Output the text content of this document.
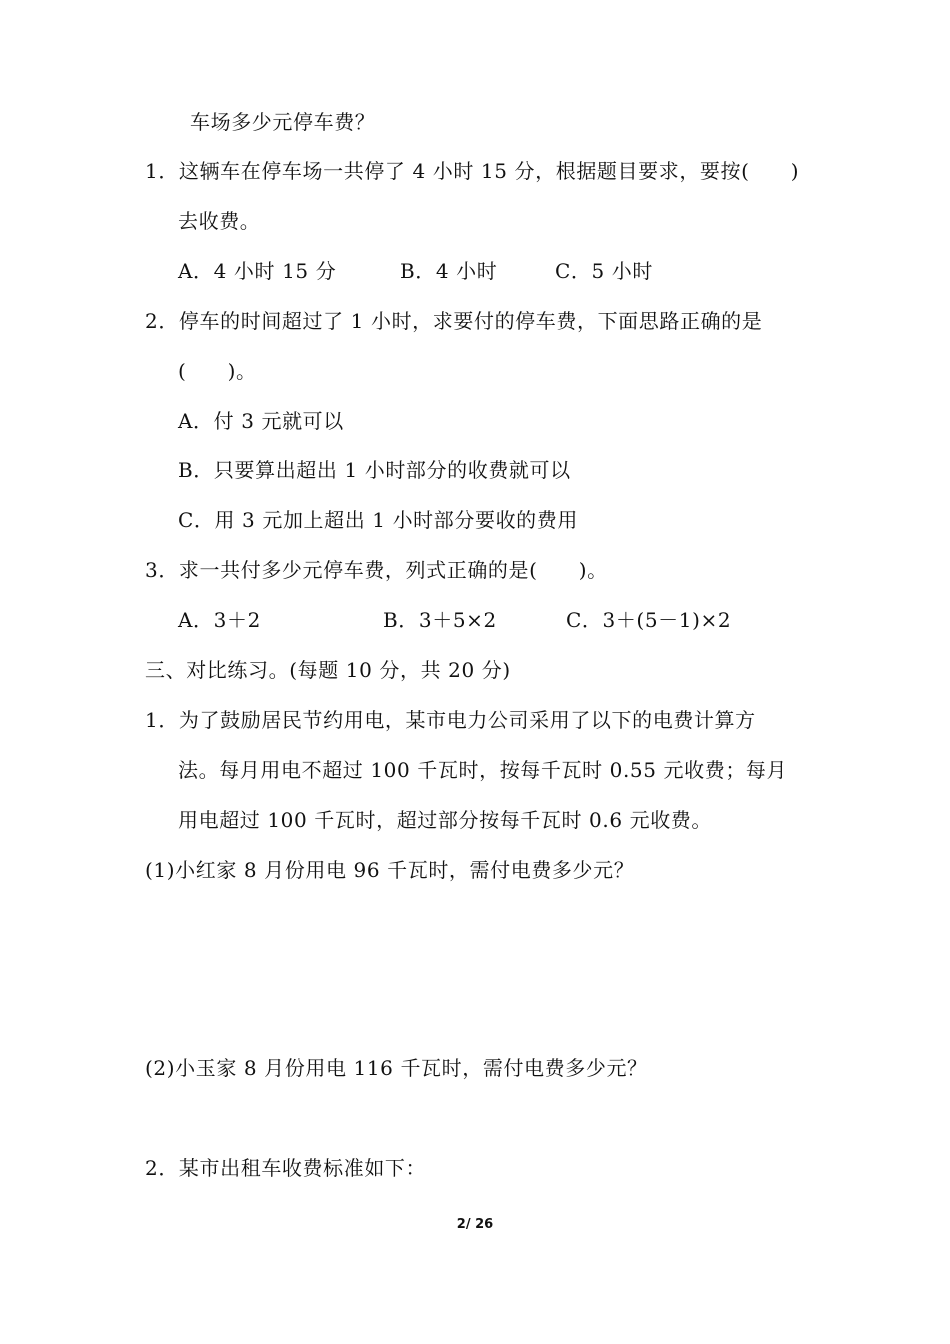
车场多少元停车费？
1．这辆车在停车场一共停了 4 小时 15 分，根据题目要求，要按(　　)
去收费。
A．4 小时 15 分	B．4 小时	C．5 小时
2．停车的时间超过了 1 小时，求要付的停车费，下面思路正确的是
(　　)。
A．付 3 元就可以
B．只要算出超出 1 小时部分的收费就可以
C．用 3 元加上超出 1 小时部分要收的费用
3．求一共付多少元停车费，列式正确的是(　　)。
A．3＋2	B．3＋5×2	C．3＋(5－1)×2
三、对比练习。(每题 10 分，共 20 分)
1．为了鼓励居民节约用电，某市电力公司采用了以下的电费计算方
法。每月用电不超过 100 千瓦时，按每千瓦时 0.55 元收费；每月
用电超过 100 千瓦时，超过部分按每千瓦时 0.6 元收费。
(1)小红家 8 月份用电 96 千瓦时，需付电费多少元？
(2)小玉家 8 月份用电 116 千瓦时，需付电费多少元？
2．某市出租车收费标准如下：
2/ 26
